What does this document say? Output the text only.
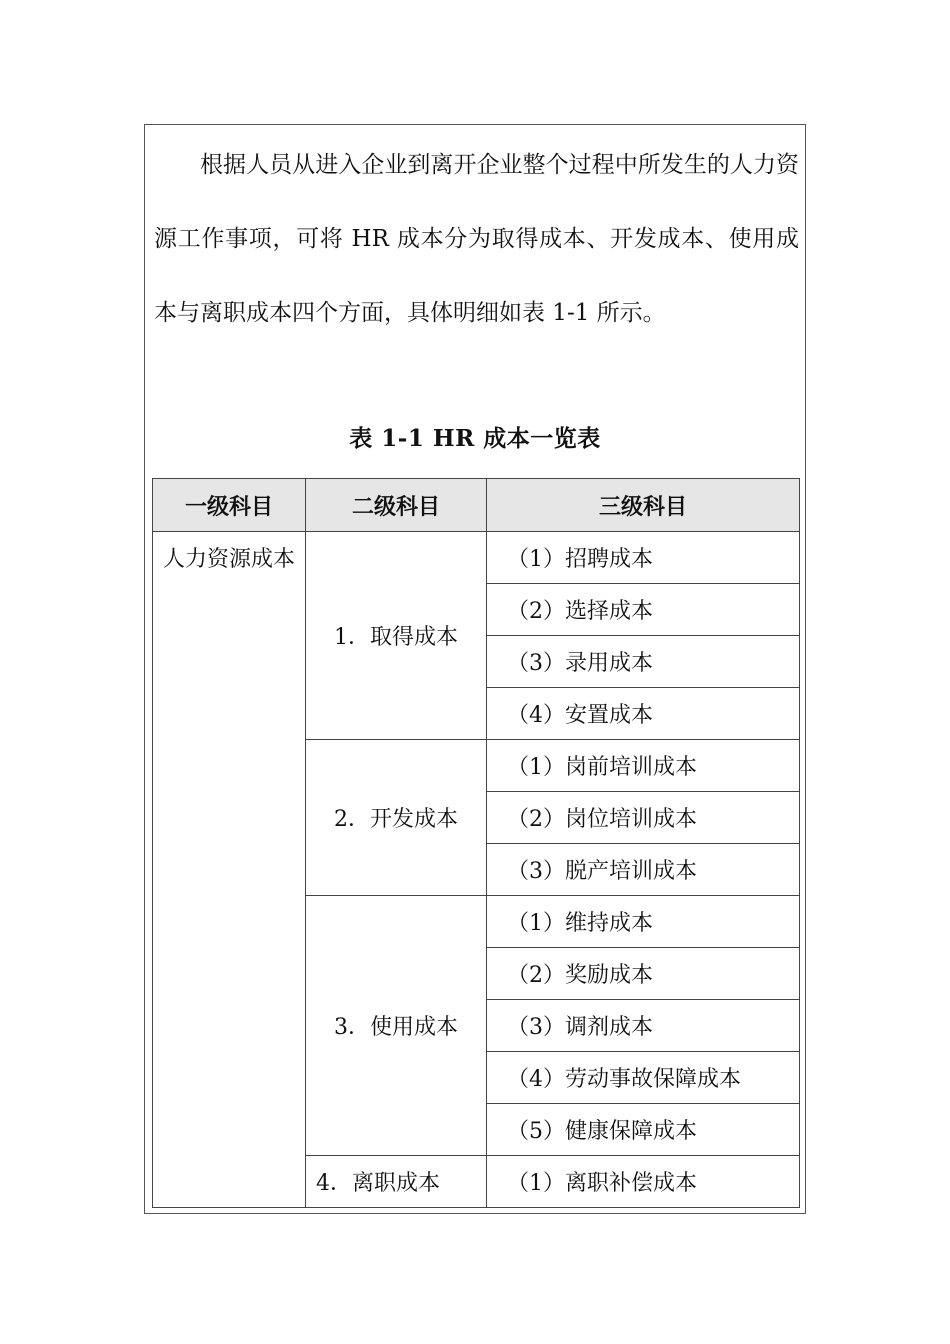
根据人员从进入企业到离开企业整个过程中所发生的人力资源工作事项，可将 HR 成本分为取得成本、开发成本、使用成本与离职成本四个方面，具体明细如表 1-1 所示。

表 1-1 HR 成本一览表
一级科目	二级科目	三级科目
人力资源成本	1．取得成本	（1）招聘成本
		（2）选择成本
		（3）录用成本
		（4）安置成本
	2．开发成本	（1）岗前培训成本
		（2）岗位培训成本
		（3）脱产培训成本
	3．使用成本	（1）维持成本
		（2）奖励成本
		（3）调剂成本
		（4）劳动事故保障成本
		（5）健康保障成本
	4．离职成本	（1）离职补偿成本
